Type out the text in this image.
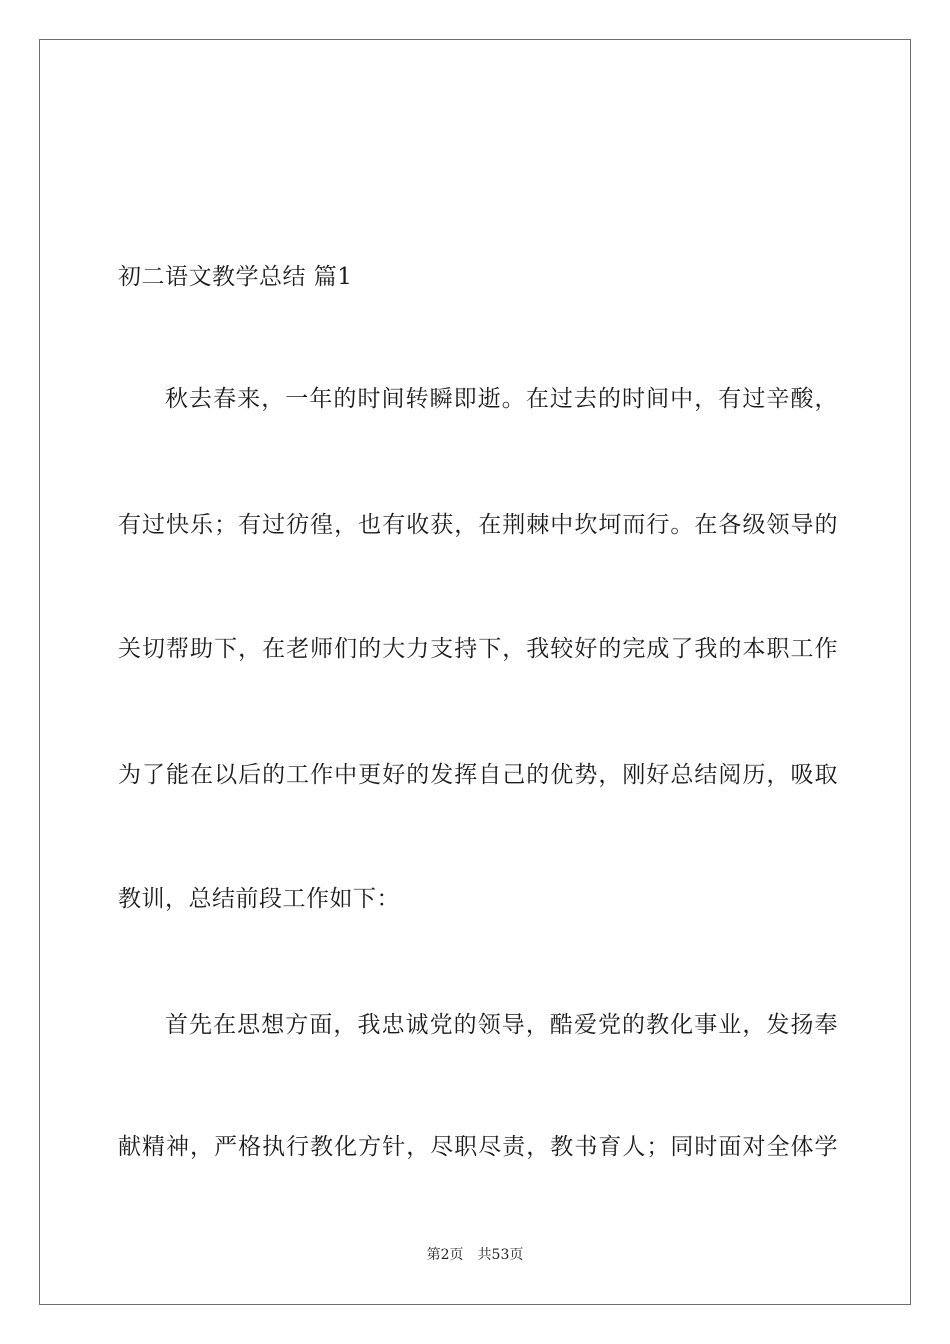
初二语文教学总结 篇1
秋去春来，一年的时间转瞬即逝。在过去的时间中，有过辛酸，
有过快乐；有过彷徨，也有收获，在荆棘中坎坷而行。在各级领导的
关切帮助下，在老师们的大力支持下，我较好的完成了我的本职工作
为了能在以后的工作中更好的发挥自己的优势，刚好总结阅历，吸取
教训，总结前段工作如下：
首先在思想方面，我忠诚党的领导，酷爱党的教化事业，发扬奉
献精神，严格执行教化方针，尽职尽责，教书育人；同时面对全体学
第2页 共53页
